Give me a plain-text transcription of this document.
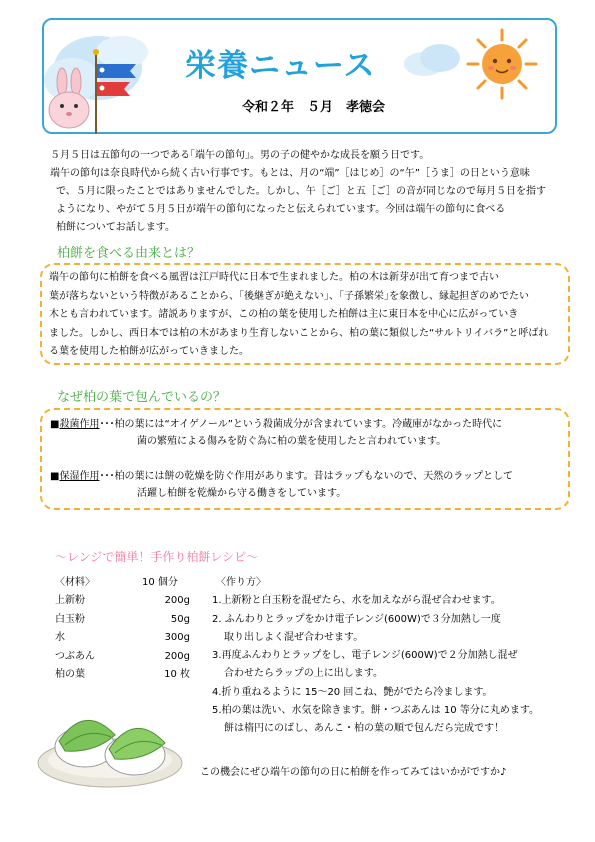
栄養ニュース
令和２年　５月　孝徳会

５月５日は五節句の一つである｢端午の節句｣。男の子の健やかな成長を願う日です。

端午の節句は奈良時代から続く古い行事です。もとは、月の“端”［はじめ］の“午”［うま］の日という意味

で、５月に限ったことではありませんでした。しかし、午［ご］と五［ご］の音が同じなので毎月５日を指す

ようになり、やがて５月５日が端午の節句になったと伝えられています。今回は端午の節句に食べる

柏餅についてお話します。

柏餅を食べる由来とは？

端午の節句に柏餅を食べる風習は江戸時代に日本で生まれました。柏の木は新芽が出て育つまで古い

葉が落ちないという特徴があることから、｢後継ぎが絶えない｣、｢子孫繁栄｣を象徴し、縁起担ぎのめでたい

木とも言われています。諸説ありますが、この柏の葉を使用した柏餅は主に東日本を中心に広がっていき

ました。しかし、西日本では柏の木があまり生育しないことから、柏の葉に類似した“サルトリイバラ”と呼ばれ

る葉を使用した柏餅が広がっていきました。

なぜ柏の葉で包んでいるの？
■殺菌作用･･･柏の葉には“オイゲノール”という殺菌成分が含まれています。冷蔵庫がなかった時代に
菌の繁殖による傷みを防ぐ為に柏の葉を使用したと言われています。
■保湿作用･･･柏の葉には餅の乾燥を防ぐ作用があります。昔はラップもないので、天然のラップとして
活躍し柏餅を乾燥から守る働きをしています。
～レンジで簡単！手作り柏餅レシピ～
〈材料〉	10 個分
上新粉	200g
白玉粉	50g
水	300g
つぶあん	200g
柏の葉	10 枚

〈作り方〉

1.上新粉と白玉粉を混ぜたら、水を加えながら混ぜ合わせます。

2. ふんわりとラップをかけ電子レンジ(600W)で３分加熱し一度

取り出しよく混ぜ合わせます。

3.再度ふんわりとラップをし、電子レンジ(600W)で２分加熱し混ぜ

合わせたらラップの上に出します。

4.折り重ねるように 15～20 回こね、艶がでたら冷まします。

5.柏の葉は洗い、水気を除きます。餅・つぶあんは 10 等分に丸めます。

餅は楕円にのばし、あんこ・柏の葉の順で包んだら完成です！

この機会にぜひ端午の節句の日に柏餅を作ってみてはいかがですか♪
